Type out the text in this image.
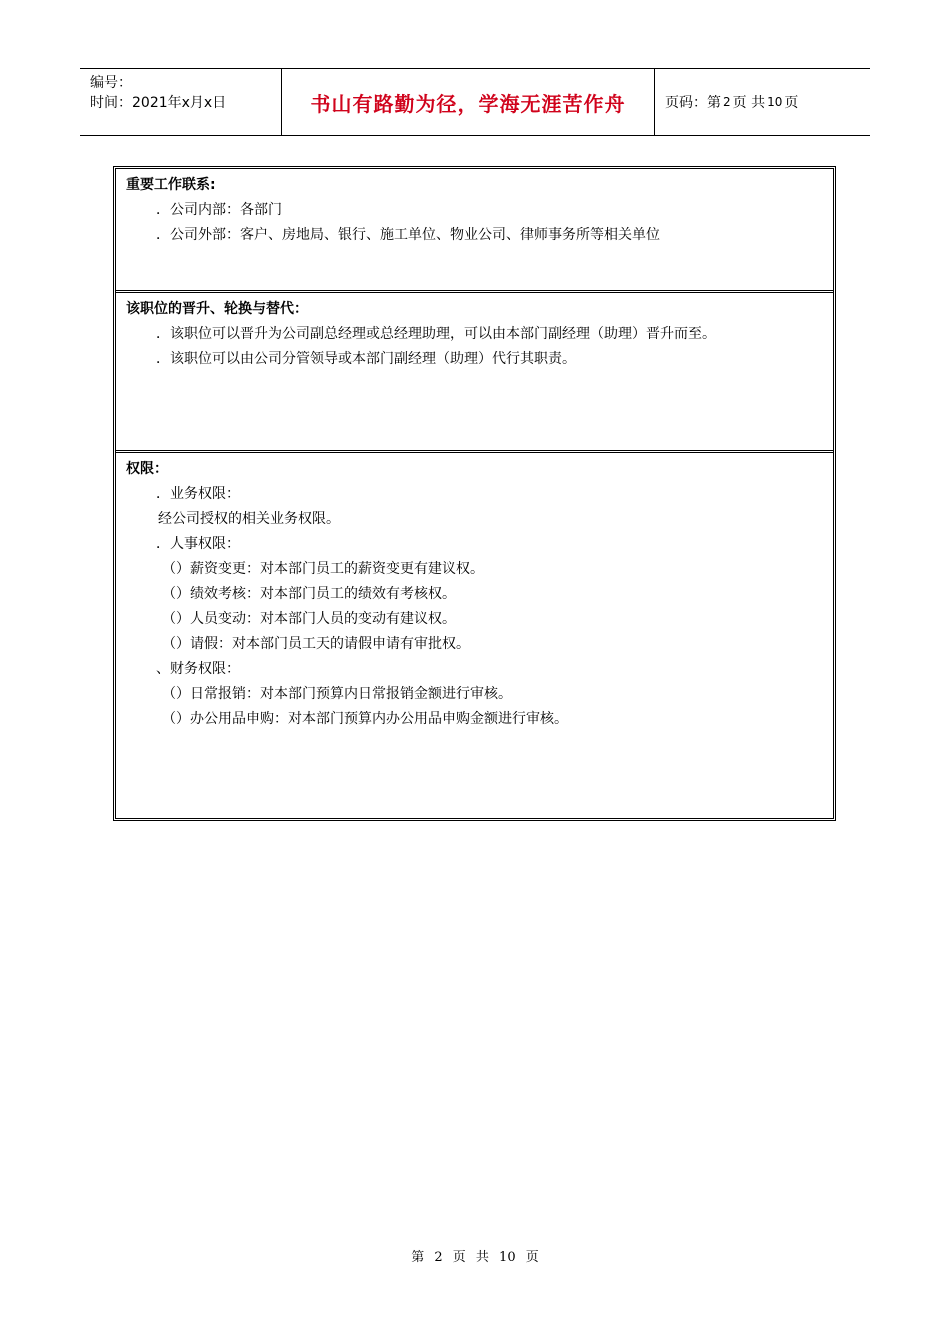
编号：
时间：2021年x月x日	书山有路勤为径，学海无涯苦作舟	页码：第 2 页 共 10 页
重要工作联系:
．公司内部：各部门
．公司外部：客户、房地局、银行、施工单位、物业公司、律师事务所等相关单位
该职位的晋升、轮换与替代：
．该职位可以晋升为公司副总经理或总经理助理，可以由本部门副经理（助理）晋升而至。
．该职位可以由公司分管领导或本部门副经理（助理）代行其职责。
权限：
．业务权限：
经公司授权的相关业务权限。
．人事权限：
（）薪资变更：对本部门员工的薪资变更有建议权。
（）绩效考核：对本部门员工的绩效有考核权。
（）人员变动：对本部门人员的变动有建议权。
（）请假：对本部门员工天的请假申请有审批权。
、财务权限：
（）日常报销：对本部门预算内日常报销金额进行审核。
（）办公用品申购：对本部门预算内办公用品申购金额进行审核。
第 2 页 共 10 页
